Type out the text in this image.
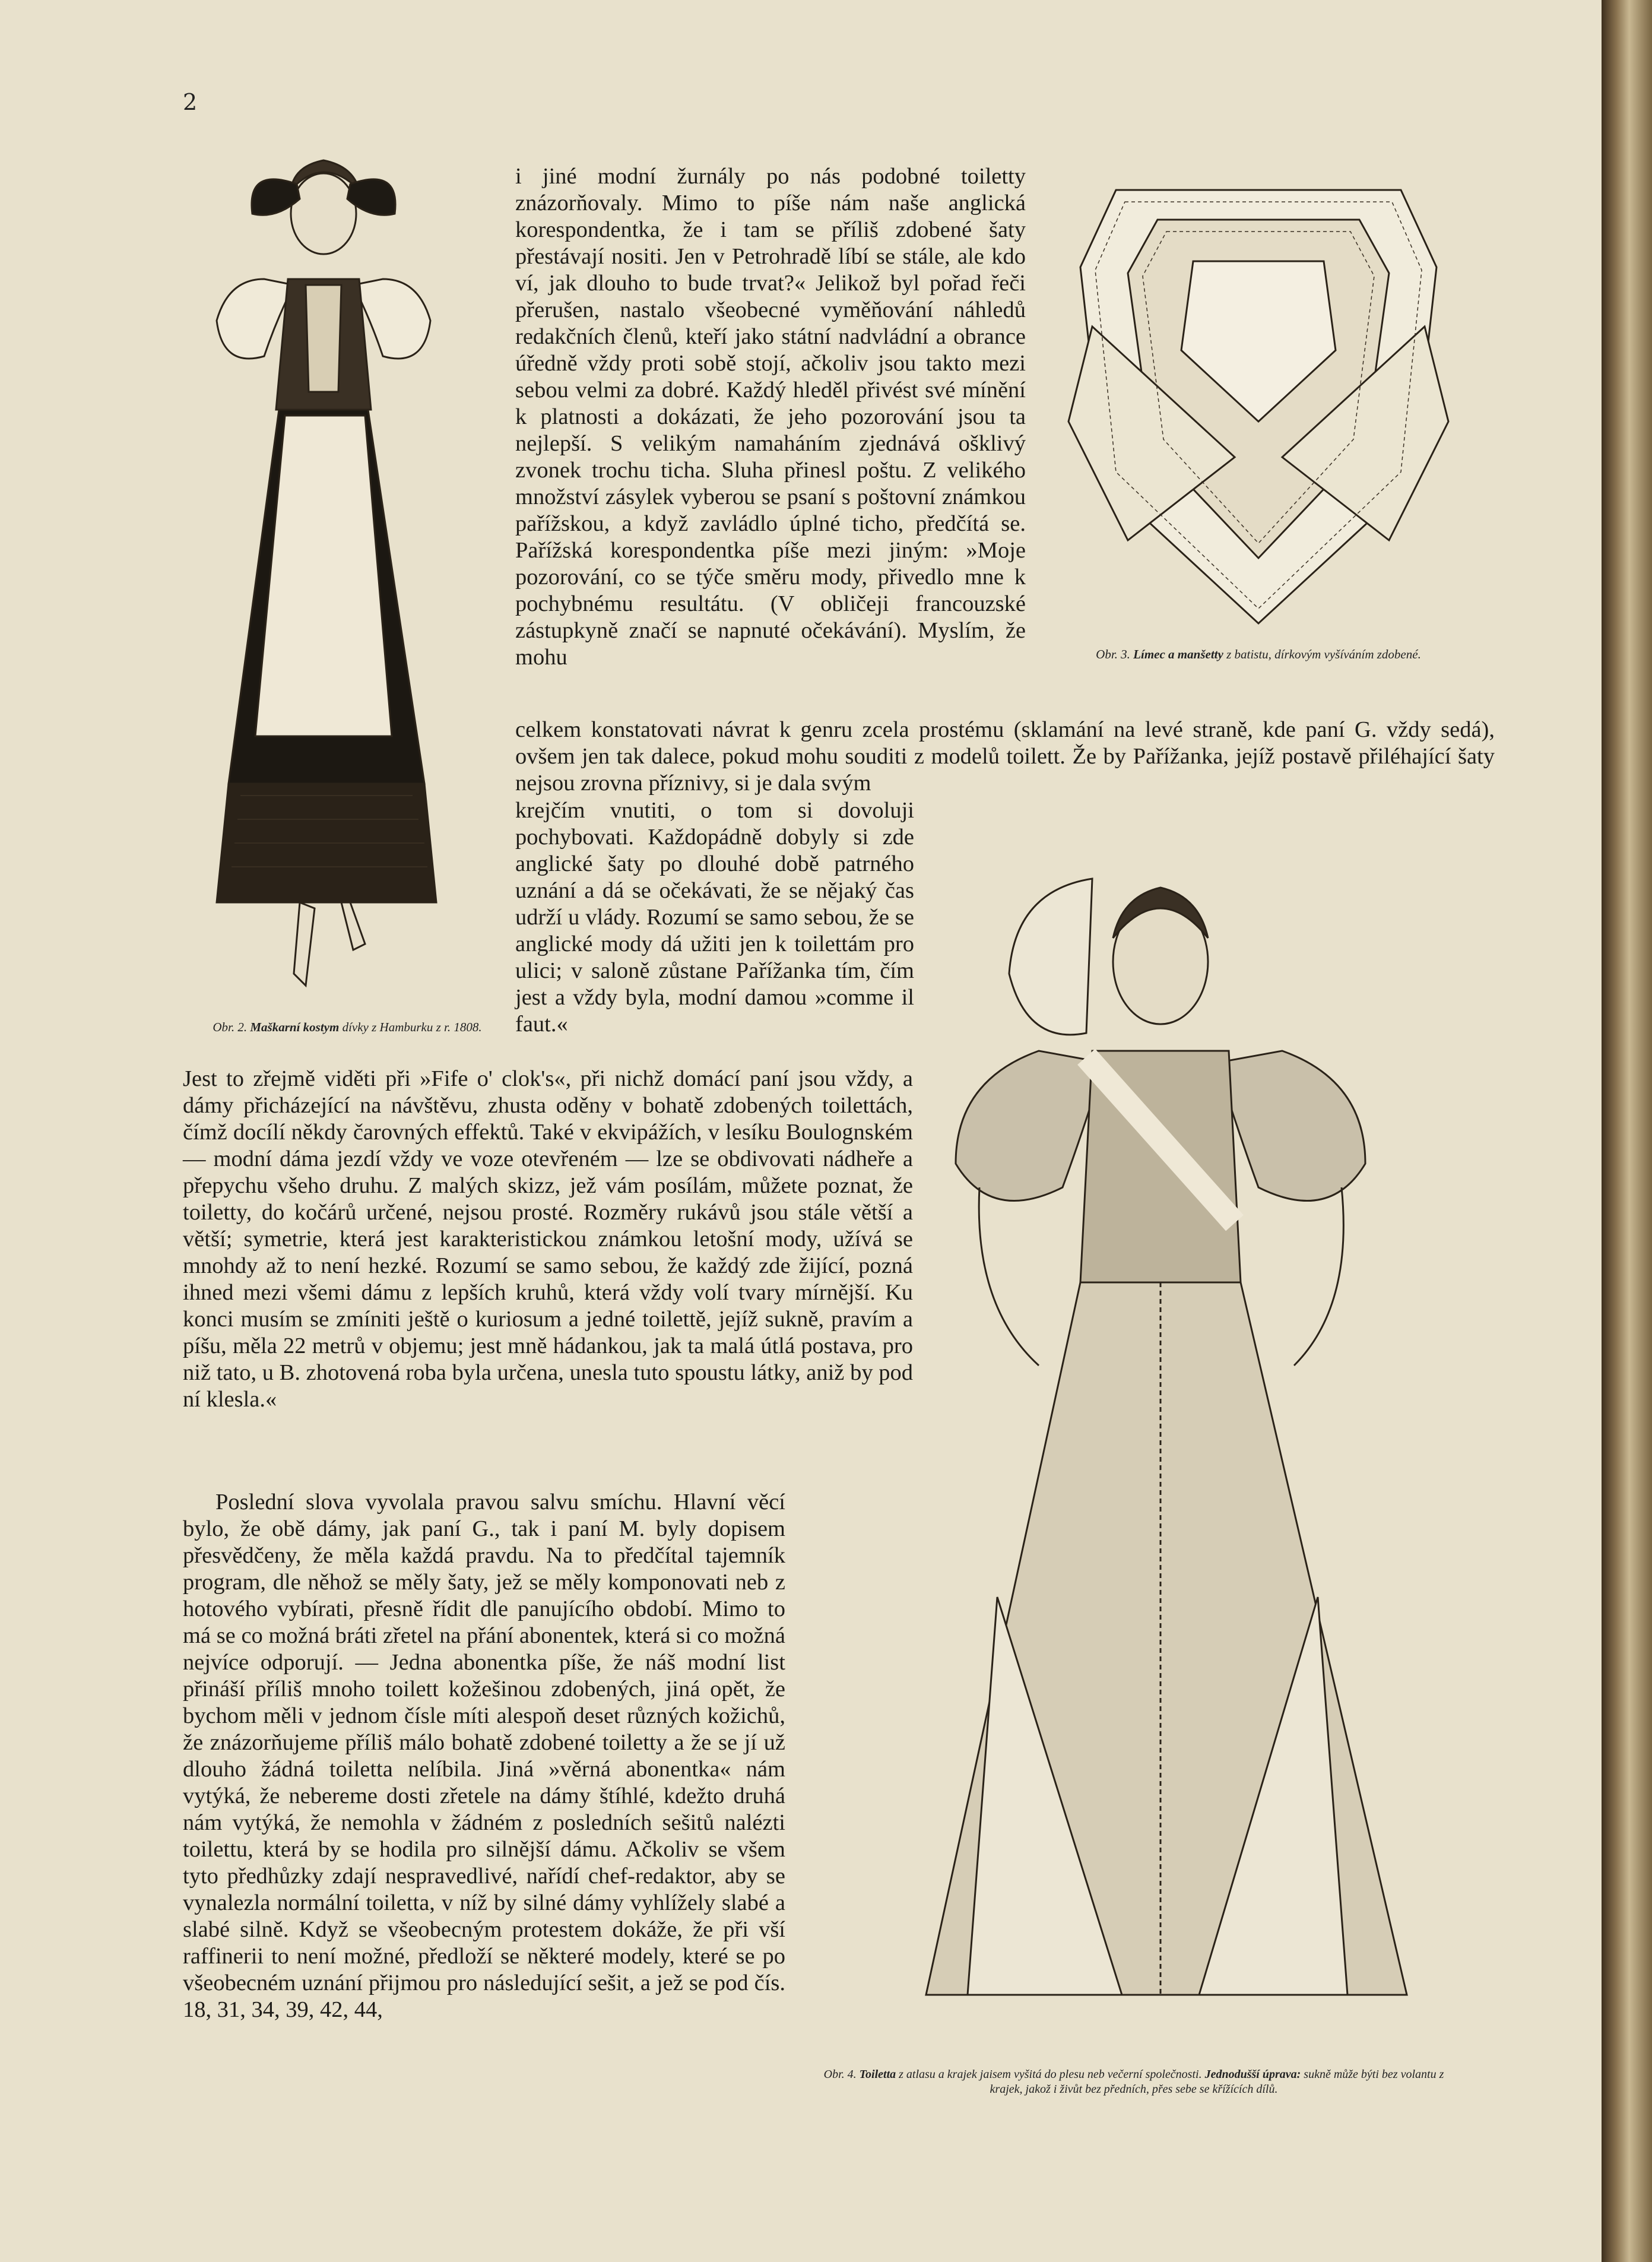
2
Obr. 2. Maškarní kostym dívky z Hamburku z r. 1808.

i jiné modní žurnály po nás podobné toiletty znázorňovaly. Mimo to píše nám naše anglická korespondentka, že i tam se příliš zdobené šaty přestávají nositi. Jen v Petrohradě líbí se stále, ale kdo ví, jak dlouho to bude trvat?« Jelikož byl pořad řeči přerušen, nastalo všeobecné vyměňování náhledů redakčních členů, kteří jako státní nadvládní a obrance úředně vždy proti sobě stojí, ačkoliv jsou takto mezi sebou velmi za dobré. Každý hleděl přivést své mínění k platnosti a dokázati, že jeho pozorování jsou ta nejlepší. S velikým namaháním zjednává ošklivý zvonek trochu ticha. Sluha přinesl poštu. Z velikého množství zásylek vyberou se psaní s poštovní známkou pařížskou, a když zavládlo úplné ticho, předčítá se. Pařížská korespondentka píše mezi jiným: »Moje pozorování, co se týče směru mody, přivedlo mne k pochybnému resultátu. (V obličeji francouzské zástupkyně značí se napnuté očekávání). Myslím, že mohu	Obr. 3. Límec a manšetty z batistu, dírkovým vyšíváním zdobené.

celkem konstatovati návrat k genru zcela prostému (sklamání na levé straně, kde paní G. vždy sedá), ovšem jen tak dalece, pokud mohu souditi z modelů toilett. Že by Pařížanka, jejíž postavě přiléhající šaty nejsou zrovna příznivy, si je dala svým

krejčím vnutiti, o tom si dovoluji pochybovati. Každopádně dobyly si zde anglické šaty po dlouhé době patrného uznání a dá se očekávati, že se nějaký čas udrží u vlády. Rozumí se samo sebou, že se anglické mody dá užiti jen k toilettám pro ulici; v saloně zůstane Pařížanka tím, čím jest a vždy byla, modní damou »comme il faut.«

Obr. 4. Toiletta z atlasu a krajek jaisem vyšitá do plesu neb večerní společnosti. Jednodušší úprava: sukně může býti bez volantu z krajek, jakož i živůt bez předních, přes sebe se křížících dílů.

Jest to zřejmě viděti při »Fife o' clok's«, při nichž domácí paní jsou vždy, a dámy přicházející na návštěvu, zhusta oděny v bohatě zdobených toilettách, čímž docílí někdy čarovných effektů. Také v ekvipážích, v lesíku Boulognském — modní dáma jezdí vždy ve voze otevřeném — lze se obdivovati nádheře a přepychu všeho druhu. Z malých skizz, jež vám posílám, můžete poznat, že toiletty, do kočárů určené, nejsou prosté. Rozměry rukávů jsou stále větší a větší; symetrie, která jest karakteristickou známkou letošní mody, užívá se mnohdy až to není hezké. Rozumí se samo sebou, že každý zde žijící, pozná ihned mezi všemi dámu z lepších kruhů, která vždy volí tvary mírnější. Ku konci musím se zmíniti ještě o kuriosum a jedné toilettě, jejíž sukně, pravím a píšu, měla 22 metrů v objemu; jest mně hádankou, jak ta malá útlá postava, pro niž tato, u B. zhotovená roba byla určena, unesla tuto spoustu látky, aniž by pod ní klesla.«

Poslední slova vyvolala pravou salvu smíchu. Hlavní věcí bylo, že obě dámy, jak paní G., tak i paní M. byly dopisem přesvědčeny, že měla každá pravdu. Na to předčítal tajemník program, dle něhož se měly šaty, jež se měly komponovati neb z hotového vybírati, přesně řídit dle panujícího období. Mimo to má se co možná bráti zřetel na přání abonentek, která si co možná nejvíce odporují. — Jedna abonentka píše, že náš modní list přináší příliš mnoho toilett kožešinou zdobených, jiná opět, že bychom měli v jednom čísle míti alespoň deset různých kožichů, že znázorňujeme příliš málo bohatě zdobené toiletty a že se jí už dlouho žádná toiletta nelíbila. Jiná »věrná abonentka« nám vytýká, že nebereme dosti zřetele na dámy štíhlé, kdežto druhá nám vytýká, že nemohla v žádném z posledních sešitů nalézti toilettu, která by se hodila pro silnější dámu. Ačkoliv se všem tyto předhůzky zdají nespravedlivé, nařídí chef-redaktor, aby se vynalezla normální toiletta, v níž by silné dámy vyhlížely slabé a slabé silně. Když se všeobecným protestem dokáže, že při vší raffinerii to není možné, předloží se některé modely, které se po všeobecném uznání přijmou pro následující sešit, a jež se pod čís. 18, 31, 34, 39, 42, 44,
